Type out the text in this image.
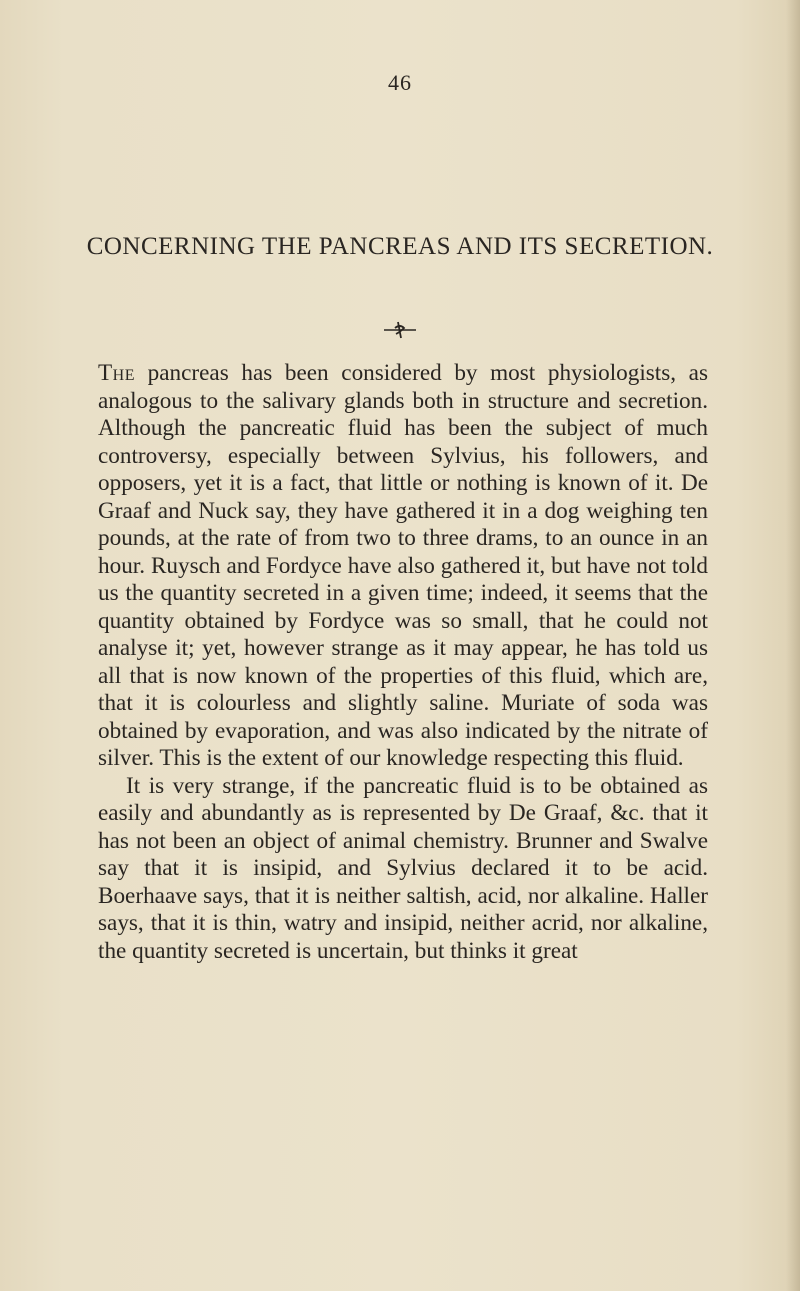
46
CONCERNING THE PANCREAS AND ITS SECRETION.

The pancreas has been considered by most physiologists, as analogous to the salivary glands both in structure and secretion. Although the pancreatic fluid has been the subject of much controversy, especially between Sylvius, his followers, and opposers, yet it is a fact, that little or nothing is known of it. De Graaf and Nuck say, they have gathered it in a dog weighing ten pounds, at the rate of from two to three drams, to an ounce in an hour. Ruysch and Fordyce have also gathered it, but have not told us the quantity secreted in a given time; indeed, it seems that the quantity obtained by Fordyce was so small, that he could not analyse it; yet, however strange as it may appear, he has told us all that is now known of the properties of this fluid, which are, that it is colourless and slightly saline. Muriate of soda was obtained by evaporation, and was also indicated by the nitrate of silver. This is the extent of our knowledge respecting this fluid.

It is very strange, if the pancreatic fluid is to be obtained as easily and abundantly as is represented by De Graaf, &c. that it has not been an object of animal chemistry. Brunner and Swalve say that it is insipid, and Sylvius declared it to be acid. Boerhaave says, that it is neither saltish, acid, nor alkaline. Haller says, that it is thin, watry and insipid, neither acrid, nor alkaline, the quantity secreted is uncertain, but thinks it great
